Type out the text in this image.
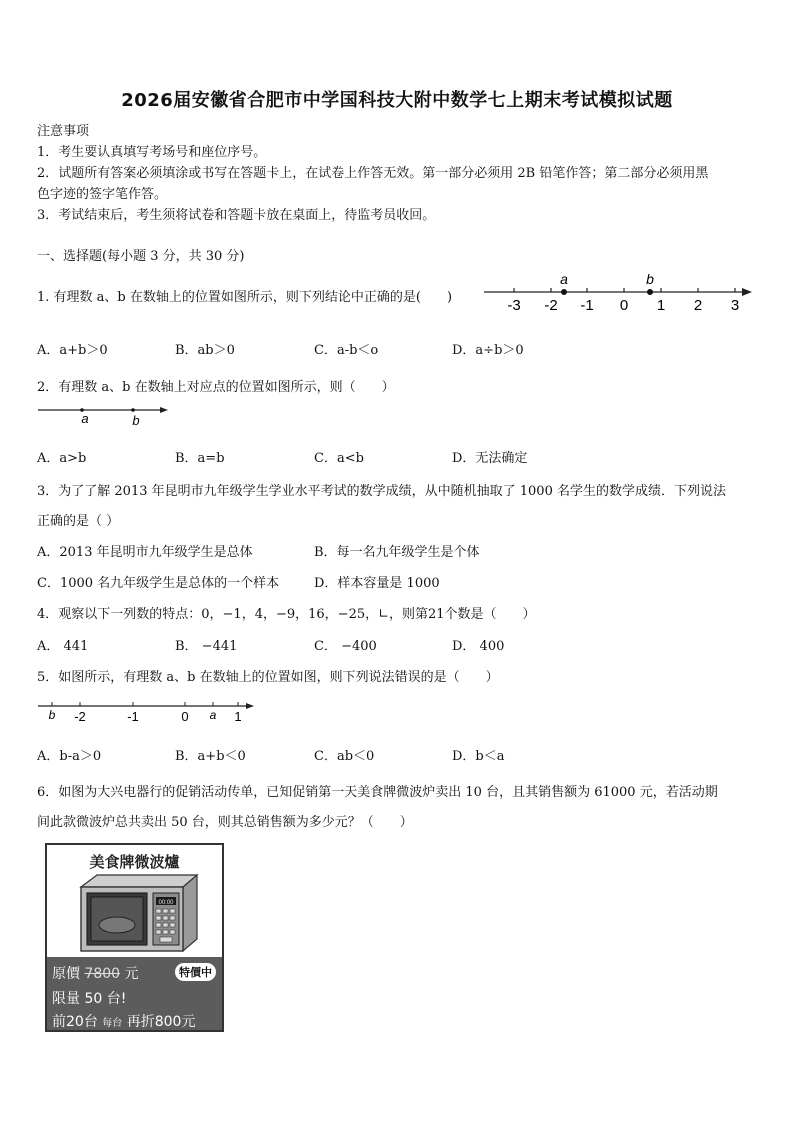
2026届安徽省合肥市中学国科技大附中数学七上期末考试模拟试题
注意事项
1．考生要认真填写考场号和座位序号。
2．试题所有答案必须填涂或书写在答题卡上，在试卷上作答无效。第一部分必须用 2B 铅笔作答；第二部分必须用黑
色字迹的签字笔作答。
3．考试结束后，考生须将试卷和答题卡放在桌面上，待监考员收回。
一、选择题(每小题 3 分，共 30 分)
1. 有理数 a、b 在数轴上的位置如图所示，则下列结论中正确的是(　　)	-3 -2 -1 0 1 2 3
a	b
A．a+b＞0	B．ab＞0	C．a-b＜o	D．a÷b＞0
2．有理数 a、b 在数轴上对应点的位置如图所示，则（　　）
a	b
A．a>b	B．a=b	C．a<b	D．无法确定
3．为了了解 2013 年昆明市九年级学生学业水平考试的数学成绩，从中随机抽取了 1000 名学生的数学成绩．下列说法
正确的是（ ）
A．2013 年昆明市九年级学生是总体	B．每一名九年级学生是个体
C．1000 名九年级学生是总体的一个样本	D．样本容量是 1000
4．观察以下一列数的特点：0，−1，4，−9，16，−25，∟，则第21个数是（　　）
A． 441	B． −441	C． −400	D． 400
5．如图所示，有理数 a、b 在数轴上的位置如图，则下列说法错误的是（　　）
b -2	-1	0 a 1
A．b-a＞0	B．a+b＜0	C．ab＜0	D．b＜a
6．如图为大兴电器行的促销活动传单，已知促销第一天美食牌微波炉卖出 10 台，且其销售额为 61000 元，若活动期
间此款微波炉总共卖出 50 台，则其总销售额为多少元？（　　）
美食牌微波爐
00:00
原價 7800 元	特價中
限量 50 台!
前20台 每台 再折800元
